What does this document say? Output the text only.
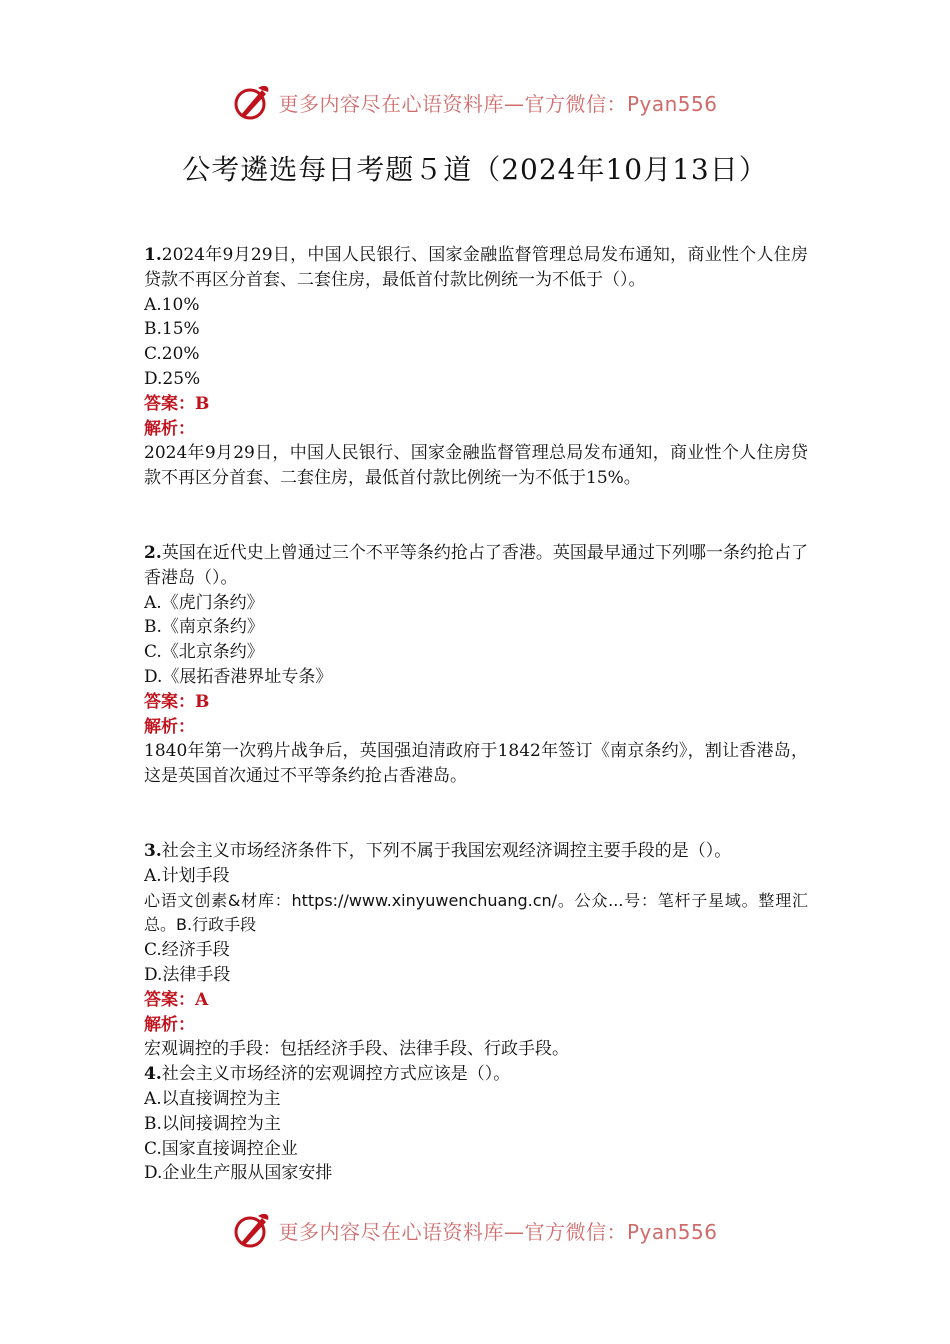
更多内容尽在心语资料库—官方微信：Pyan556
公考遴选每日考题５道（2024年10月13日）

1.2024年9月29日，中国人民银行、国家金融监督管理总局发布通知，商业性个人住房贷款不再区分首套、二套住房，最低首付款比例统一为不低于（）。

A.10%

B.15%

C.20%

D.25%

答案：B

解析：

2024年9月29日，中国人民银行、国家金融监督管理总局发布通知，商业性个人住房贷款不再区分首套、二套住房，最低首付款比例统一为不低于15%。

2.英国在近代史上曾通过三个不平等条约抢占了香港。英国最早通过下列哪一条约抢占了香港岛（）。

A.《虎门条约》

B.《南京条约》

C.《北京条约》

D.《展拓香港界址专条》

答案：B

解析：

1840年第一次鸦片战争后，英国强迫清政府于1842年签订《南京条约》，割让香港岛，这是英国首次通过不平等条约抢占香港岛。

3.社会主义市场经济条件下，下列不属于我国宏观经济调控主要手段的是（）。

A.计划手段

心语文创素&材库：https://www.xinyuwenchuang.cn/。公众...号：笔杆子星域。整理汇总。B.行政手段

C.经济手段

D.法律手段

答案：A

解析：

宏观调控的手段：包括经济手段、法律手段、行政手段。

4.社会主义市场经济的宏观调控方式应该是（）。

A.以直接调控为主

B.以间接调控为主

C.国家直接调控企业

D.企业生产服从国家安排

更多内容尽在心语资料库—官方微信：Pyan556
